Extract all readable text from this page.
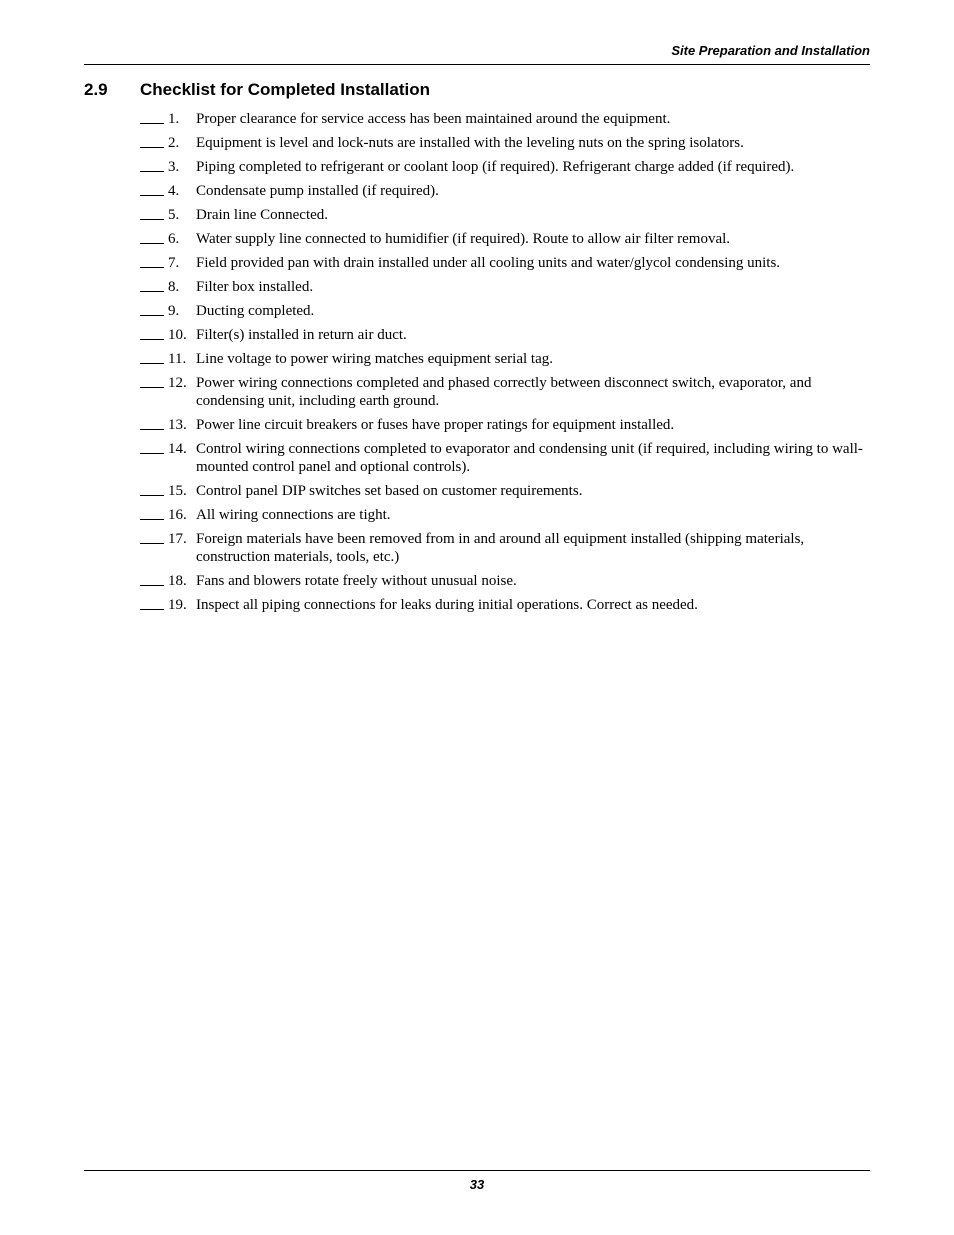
Site Preparation and Installation
2.9 Checklist for Completed Installation
1.	Proper clearance for service access has been maintained around the equipment.
2.	Equipment is level and lock-nuts are installed with the leveling nuts on the spring isolators.
3.	Piping completed to refrigerant or coolant loop (if required). Refrigerant charge added (if required).
4.	Condensate pump installed (if required).
5.	Drain line Connected.
6.	Water supply line connected to humidifier (if required). Route to allow air filter removal.
7.	Field provided pan with drain installed under all cooling units and water/glycol condensing units.
8.	Filter box installed.
9.	Ducting completed.
10. Filter(s) installed in return air duct.
11. Line voltage to power wiring matches equipment serial tag.
12. Power wiring connections completed and phased correctly between disconnect switch, evaporator, and condensing unit, including earth ground.
13. Power line circuit breakers or fuses have proper ratings for equipment installed.
14. Control wiring connections completed to evaporator and condensing unit (if required, including wiring to wall-mounted control panel and optional controls).
15. Control panel DIP switches set based on customer requirements.
16. All wiring connections are tight.
17. Foreign materials have been removed from in and around all equipment installed (shipping materials, construction materials, tools, etc.)
18. Fans and blowers rotate freely without unusual noise.
19. Inspect all piping connections for leaks during initial operations. Correct as needed.
33
